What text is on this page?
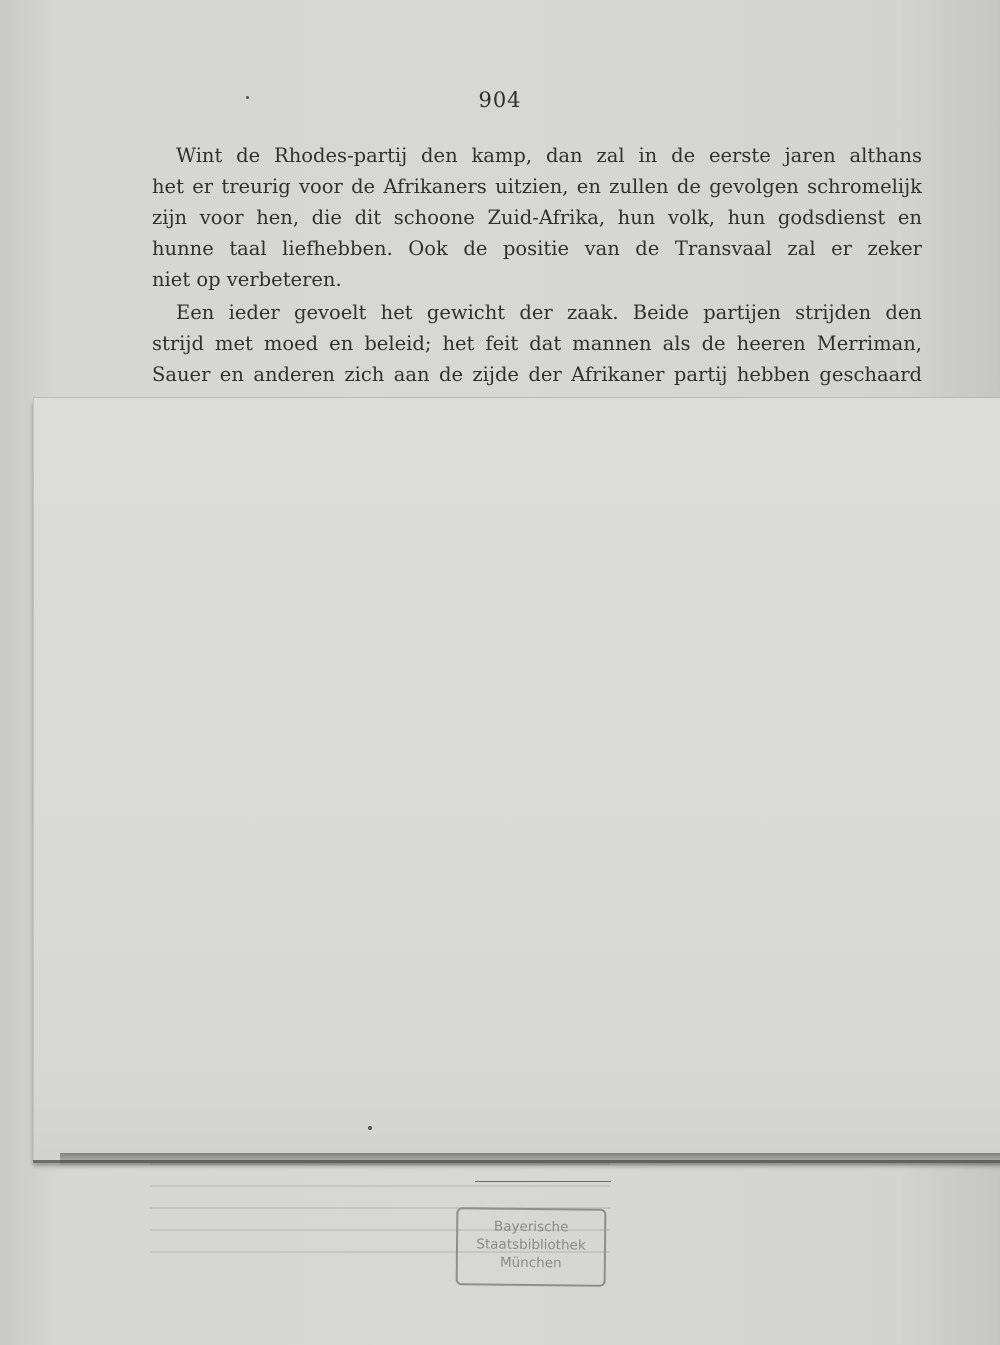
904

Wint de Rhodes-partij den kamp, dan zal in de eerste jaren althans
het er treurig voor de Afrikaners uitzien, en zullen de gevolgen schromelijk
zijn voor hen, die dit schoone Zuid-Afrika, hun volk, hun godsdienst en
hunne taal liefhebben. Ook de positie van de Transvaal zal er zeker
niet op verbeteren.

Een ieder gevoelt het gewicht der zaak. Beide partijen strijden den
strijd met moed en beleid; het feit dat mannen als de heeren Merriman,
Sauer en anderen zich aan de zijde der Afrikaner partij hebben geschaard

Bayerische
Staatsbibliothek
München
